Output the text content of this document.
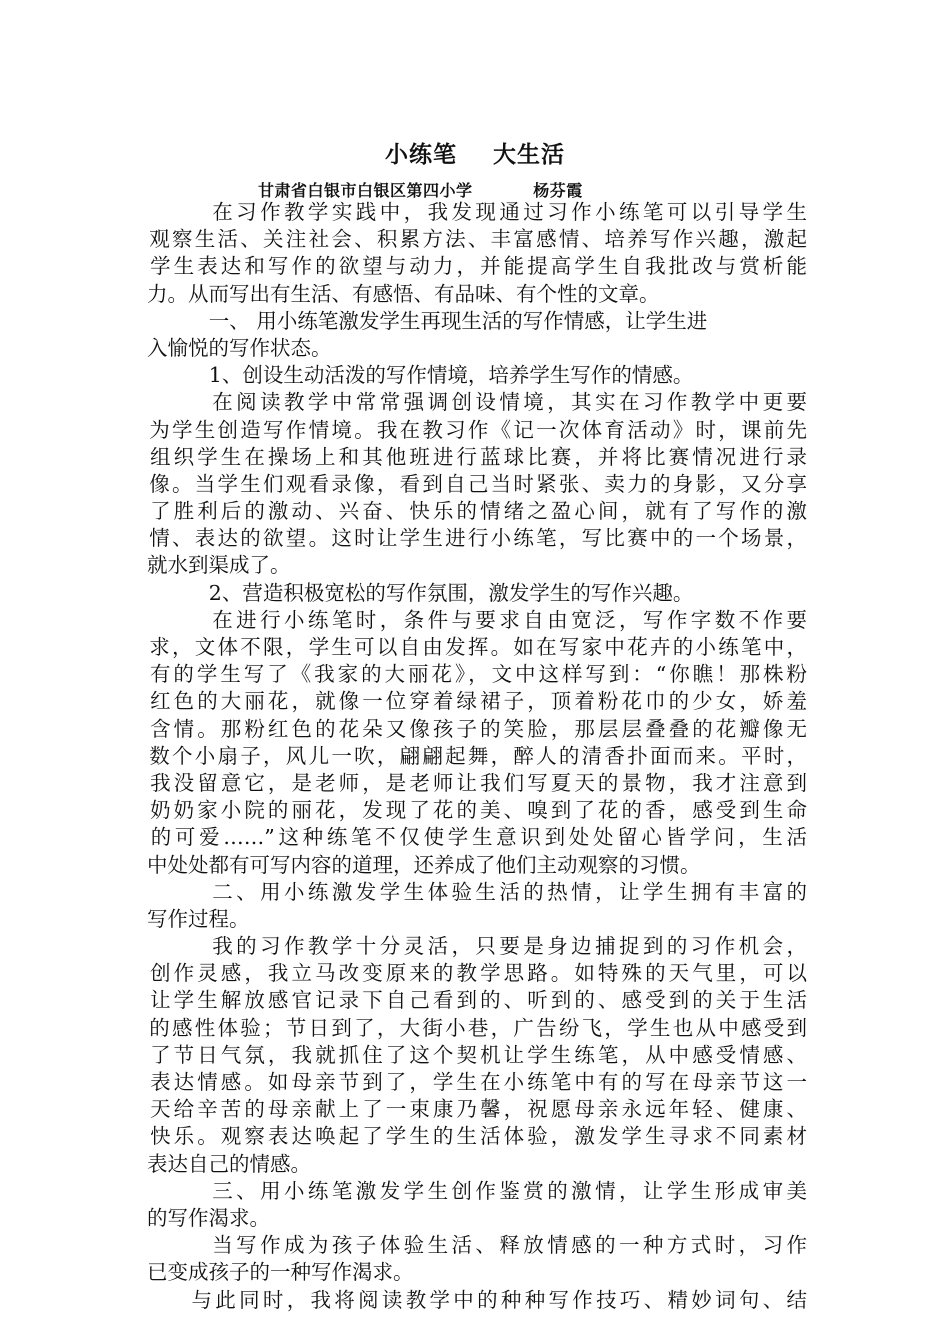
小练笔    大生活
甘肃省白银市白银区第四小学          杨芬霞
在习作教学实践中，我发现通过习作小练笔可以引导学生
观察生活、关注社会、积累方法、丰富感情、培养写作兴趣，激起
学生表达和写作的欲望与动力，并能提高学生自我批改与赏析能
力。从而写出有生活、有感悟、有品味、有个性的文章。
一、 用小练笔激发学生再现生活的写作情感，让学生进
入愉悦的写作状态。
1、创设生动活泼的写作情境，培养学生写作的情感。
在阅读教学中常常强调创设情境，其实在习作教学中更要
为学生创造写作情境。我在教习作《记一次体育活动》时，课前先
组织学生在操场上和其他班进行蓝球比赛，并将比赛情况进行录
像。当学生们观看录像，看到自己当时紧张、卖力的身影，又分享
了胜利后的激动、兴奋、快乐的情绪之盈心间，就有了写作的激
情、表达的欲望。这时让学生进行小练笔，写比赛中的一个场景，
就水到渠成了。
2、营造积极宽松的写作氛围，激发学生的写作兴趣。
在进行小练笔时，条件与要求自由宽泛，写作字数不作要
求，文体不限，学生可以自由发挥。如在写家中花卉的小练笔中，
有的学生写了《我家的大丽花》，文中这样写到：“你瞧！那株粉
红色的大丽花，就像一位穿着绿裙子，顶着粉花巾的少女，娇羞
含情。那粉红色的花朵又像孩子的笑脸，那层层叠叠的花瓣像无
数个小扇子，风儿一吹，翩翩起舞，醉人的清香扑面而来。平时，
我没留意它，是老师，是老师让我们写夏天的景物，我才注意到
奶奶家小院的丽花，发现了花的美、嗅到了花的香，感受到生命
的可爱……”这种练笔不仅使学生意识到处处留心皆学问，生活
中处处都有可写内容的道理，还养成了他们主动观察的习惯。
二、用小练激发学生体验生活的热情，让学生拥有丰富的
写作过程。
我的习作教学十分灵活，只要是身边捕捉到的习作机会，
创作灵感，我立马改变原来的教学思路。如特殊的天气里，可以
让学生解放感官记录下自己看到的、听到的、感受到的关于生活
的感性体验；节日到了，大街小巷，广告纷飞，学生也从中感受到
了节日气氛，我就抓住了这个契机让学生练笔，从中感受情感、
表达情感。如母亲节到了，学生在小练笔中有的写在母亲节这一
天给辛苦的母亲献上了一束康乃馨，祝愿母亲永远年轻、健康、
快乐。观察表达唤起了学生的生活体验，激发学生寻求不同素材
表达自己的情感。
三、用小练笔激发学生创作鉴赏的激情，让学生形成审美
的写作渴求。
当写作成为孩子体验生活、释放情感的一种方式时，习作
已变成孩子的一种写作渴求。
与此同时，我将阅读教学中的种种写作技巧、精妙词句、结
